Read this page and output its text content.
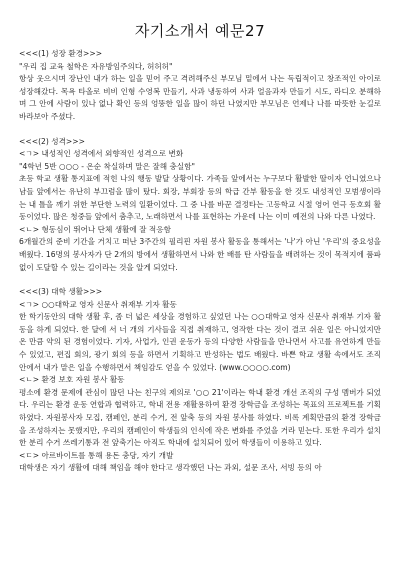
자기소개서 예문27
<<<(1) 성장 환경>>>
"우리 집 교육 철학은 자유방임주의다, 허허허"

항상 웃으시며 장난인 내가 하는 일을 믿어 주고 격려해주신 부모님 밑에서 나는 독립적이고 창조적인 아이로 성장해갔다. 목욕 타올로 비비 인형 수영복 만들기, 사과 냉동하여 사과 얼음과자 만들기 시도, 라디오 분해하며 그 안에 사람이 있나 없나 확인 등의 엉뚱한 일을 많이 하던 나였지만 부모님은 언제나 나를 따뜻한 눈길로 바라보아 주셨다.

<<<(2) 성격>>>
<ㄱ> 내성적인 성격에서 외향적인 성격으로 변화
"4학년 5반 ○○○ - 온순 착실하며 말은 잘해 충실함"

초등 학교 생활 통지표에 적힌 나의 행동 발달 상황이다. 가족들 앞에서는 누구보다 활발한 딸이자 언니였으나 남들 앞에서는 유난히 부끄럼을 많이 탔다. 회장, 부회장 등의 학급 간부 활동을 한 것도 내성적인 모범생이라는 내 틀을 깨기 위한 부단한 노력의 일환이었다. 그 중 나를 바꾼 결정타는 고등학교 시절 영어 연극 동호회 활동이었다. 많은 청중들 앞에서 춤추고, 노래하면서 나를 표현하는 가운데 나는 이미 예전의 나와 다른 나였다.

<ㄴ> 형동심이 뛰어나 단체 생활에 잘 적응함

6개월간의 준비 기간을 거치고 떠난 3주간의 필리핀 자원 봉사 활동을 통해서는 '나'가 아닌 '우리'의 중요성을 배웠다. 16명의 봉사자가 단 2개의 방에서 생활하면서 나와 한 배를 탄 사람들을 배려하는 것이 목적지에 품파 없이 도달할 수 있는 길이라는 것을 알게 되었다.

<<<(3) 대학 생활>>>
<ㄱ> ○○대학교 영자 신문사 취재부 기자 활동

한 학기동안의 대학 생활 후, 좀 더 넓은 세상을 경험하고 싶었던 나는 ○○대학교 영자 신문사 취재부 기자 활동을 하게 되었다. 한 달에 서 너 개의 기사들을 직접 취재하고, 영작한 다는 것이 결코 쉬운 일은 아니었지만 온 만큼 약의 된 경험이었다. 기자, 사업가, 인권 운동가 등의 다양한 사람들을 만나면서 사고를 유연하게 만들 수 있었고, 편집 회의, 광기 회의 등을 하면서 기획하고 반성하는 법도 배웠다. 바쁜 학교 생활 속에서도 조직 안에서 내가 맡은 일을 수행하면서 책임감도 얻을 수 있었다. (www.○○○○.com)

<ㄴ> 환경 보호 자원 봉사 활동

평소에 환경 문제에 관심이 많던 나는 친구의 제의로 '○○ 21'이라는 학내 환경 개선 조직의 구성 멤버가 되었다. 우리는 환경 운동 연합과 협력하고, 학내 전용 재활용하여 환경 장학금을 조성하는 목표의 프로젝트를 기획하였다. 자원봉사자 모집, 캠페인, 분리 수거, 전 앞축 등의 자원 봉사를 하였다. 비록 계획만큼의 환경 장학금을 조성하지는 못했지만, 우리의 캠페인이 학생들의 인식에 작은 변화를 주었을 거라 믿는다. 또한 우리가 설치한 분리 수거 쓰레기통과 전 앞축기는 아직도 학내에 설치되어 있어 학생들이 이용하고 있다.

<ㄷ> 아르바이트를 통해 용돈 충당, 자기 개발
대학생은 자기 생활에 대해 책임을 해야 한다고 생각했던 나는 과외, 설문 조사, 서빙 등의 아
